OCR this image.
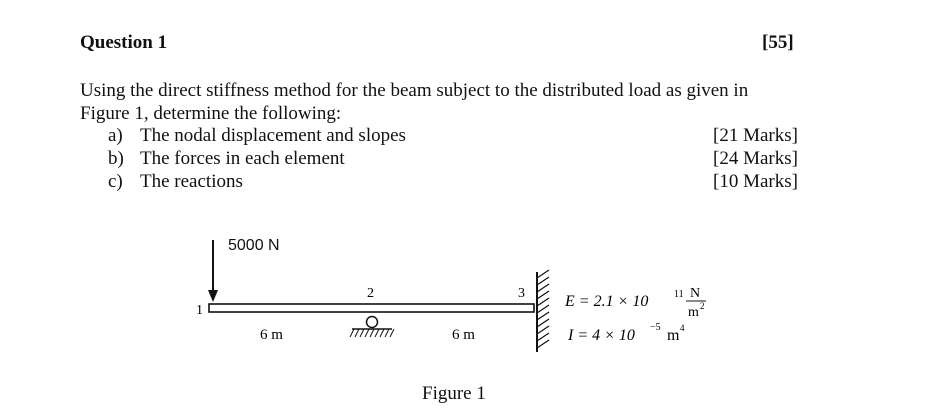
Question 1	[55]
Using the direct stiffness method for the beam subject to the distributed load as given in
Figure 1, determine the following:
a) The nodal displacement and slopes	[21 Marks]
b) The forces in each element	[24 Marks]
c) The reactions	[10 Marks]
1
2	3
6 m	6 m
E = 2.1 × 10	11 N
m 2
I = 4 × 10 −5 m 4
5000 N
Figure 1
